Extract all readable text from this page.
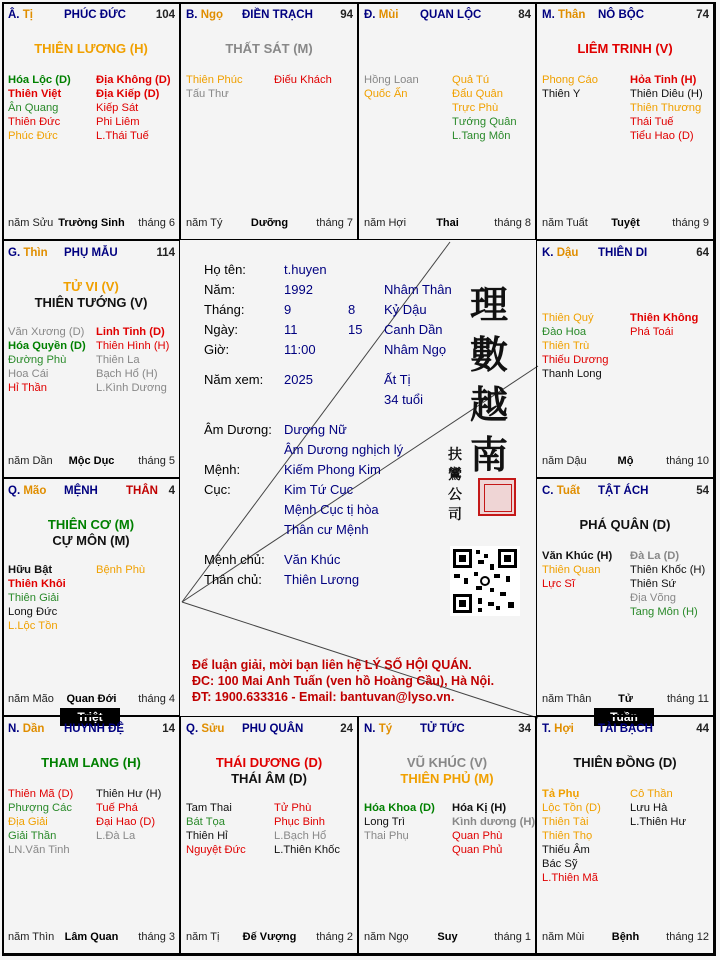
Họ tên:	t.huyen
Năm:	1992	Nhâm Thân
Tháng:	9	8 Kỷ Dậu
Ngày:	11	15 Canh Dần
Giờ:	11:00	Nhâm Ngọ
Năm xem: 2025	Ất Tị
34 tuổi
Âm Dương: Dương Nữ
Âm Dương nghịch lý
Mệnh:	Kiếm Phong Kim
Cục:	Kim Tứ Cục
Mệnh Cục tị hòa
Thân cư Mệnh
Mệnh chủ: Văn Khúc
Thân chủ: Thiên Lương
理
數
越
南
扶
鸞
公
司
Để luận giải, mời bạn liên hệ LÝ SỐ HỘI QUÁN.
ĐC: 100 Mai Anh Tuấn (ven hồ Hoàng Cầu), Hà Nội.
ĐT: 1900.633316 - Email: bantuvan@lyso.vn.
Triệt	Tuần
Â. Tị	PHÚC ĐỨC	104
THIÊN LƯƠNG (H)
Hóa Lộc (D)
Thiên Việt
Ân Quang
Thiên Đức
Phúc Đức
Địa Không (D)
Địa Kiếp (D)
Kiếp Sát
Phi Liêm
L.Thái Tuế
năm Sửu Trường Sinh	tháng 6
B. Ngọ ĐIỀN TRẠCH 94
THẤT SÁT (M)
Thiên Phúc
Tấu Thư
Điếu Khách
năm Tý	Dưỡng	tháng 7
Đ. Mùi QUAN LỘC	84
Hồng Loan
Quốc Ấn
Quả Tú
Đẩu Quân
Trực Phù
Tướng Quân
L.Tang Môn
năm Hợi	Thai	tháng 8
M. Thân NÔ BỘC	74
LIÊM TRINH (V)
Phong Cáo
Thiên Y
Hỏa Tinh (H)
Thiên Diêu (H)
Thiên Thương
Thái Tuế
Tiểu Hao (D)
năm Tuất	Tuyệt	tháng 9
G. Thìn PHỤ MẪU	114
TỬ VI (V)
THIÊN TƯỚNG (V)
Văn Xương (D)
Hóa Quyền (D)
Đường Phù
Hoa Cái
Hỉ Thần
Linh Tinh (D)
Thiên Hình (H)
Thiên La
Bạch Hổ (H)
L.Kình Dương
năm Dần	Mộc Dục	tháng 5
K. Dậu THIÊN DI	64
Thiên Quý
Đào Hoa
Thiên Trù
Thiếu Dương
Thanh Long
Thiên Không
Phá Toái
năm Dậu	Mộ	tháng 10
Q. Mão MỆNH THÂN 4
THIÊN CƠ (M)
CỰ MÔN (M)
Hữu Bật
Thiên Khôi
Thiên Giải
Long Đức
L.Lộc Tồn
Bệnh Phù
năm Mão	Quan Đới	tháng 4
C. Tuất TẬT ÁCH	54
PHÁ QUÂN (D)
Văn Khúc (H)
Thiên Quan
Lực Sĩ
Đà La (D)
Thiên Khốc (H)
Thiên Sứ
Địa Võng
Tang Môn (H)
năm Thân	Tử	tháng 11
N. Dần HUYNH ĐỆ	14
THAM LANG (H)
Thiên Mã (D)
Phượng Các
Địa Giải
Giải Thần
LN.Văn Tinh
Thiên Hư (H)
Tuế Phá
Đại Hao (D)
L.Đà La
năm Thìn Lâm Quan	tháng 3
Q. Sửu PHU QUÂN	24
THÁI DƯƠNG (D)
THÁI ÂM (D)
Tam Thai
Bát Tọa
Thiên Hỉ
Nguyệt Đức
Tử Phù
Phục Binh
L.Bạch Hổ
L.Thiên Khốc
năm Tị	Đế Vượng	tháng 2
N. Tý TỬ TỨC	34
VŨ KHÚC (V)
THIÊN PHỦ (M)
Hóa Khoa (D)
Long Trì
Thai Phụ
Hóa Kị (H)
Kình dương (H)
Quan Phù
Quan Phủ
năm Ngọ	Suy	tháng 1
T. Hợi TÀI BẠCH	44
THIÊN ĐỒNG (D)
Tả Phụ
Lộc Tồn (D)
Thiên Tài
Thiên Thọ
Thiếu Âm
Bác Sỹ
L.Thiên Mã
Cô Thần
Lưu Hà
L.Thiên Hư
năm Mùi	Bệnh	tháng 12
